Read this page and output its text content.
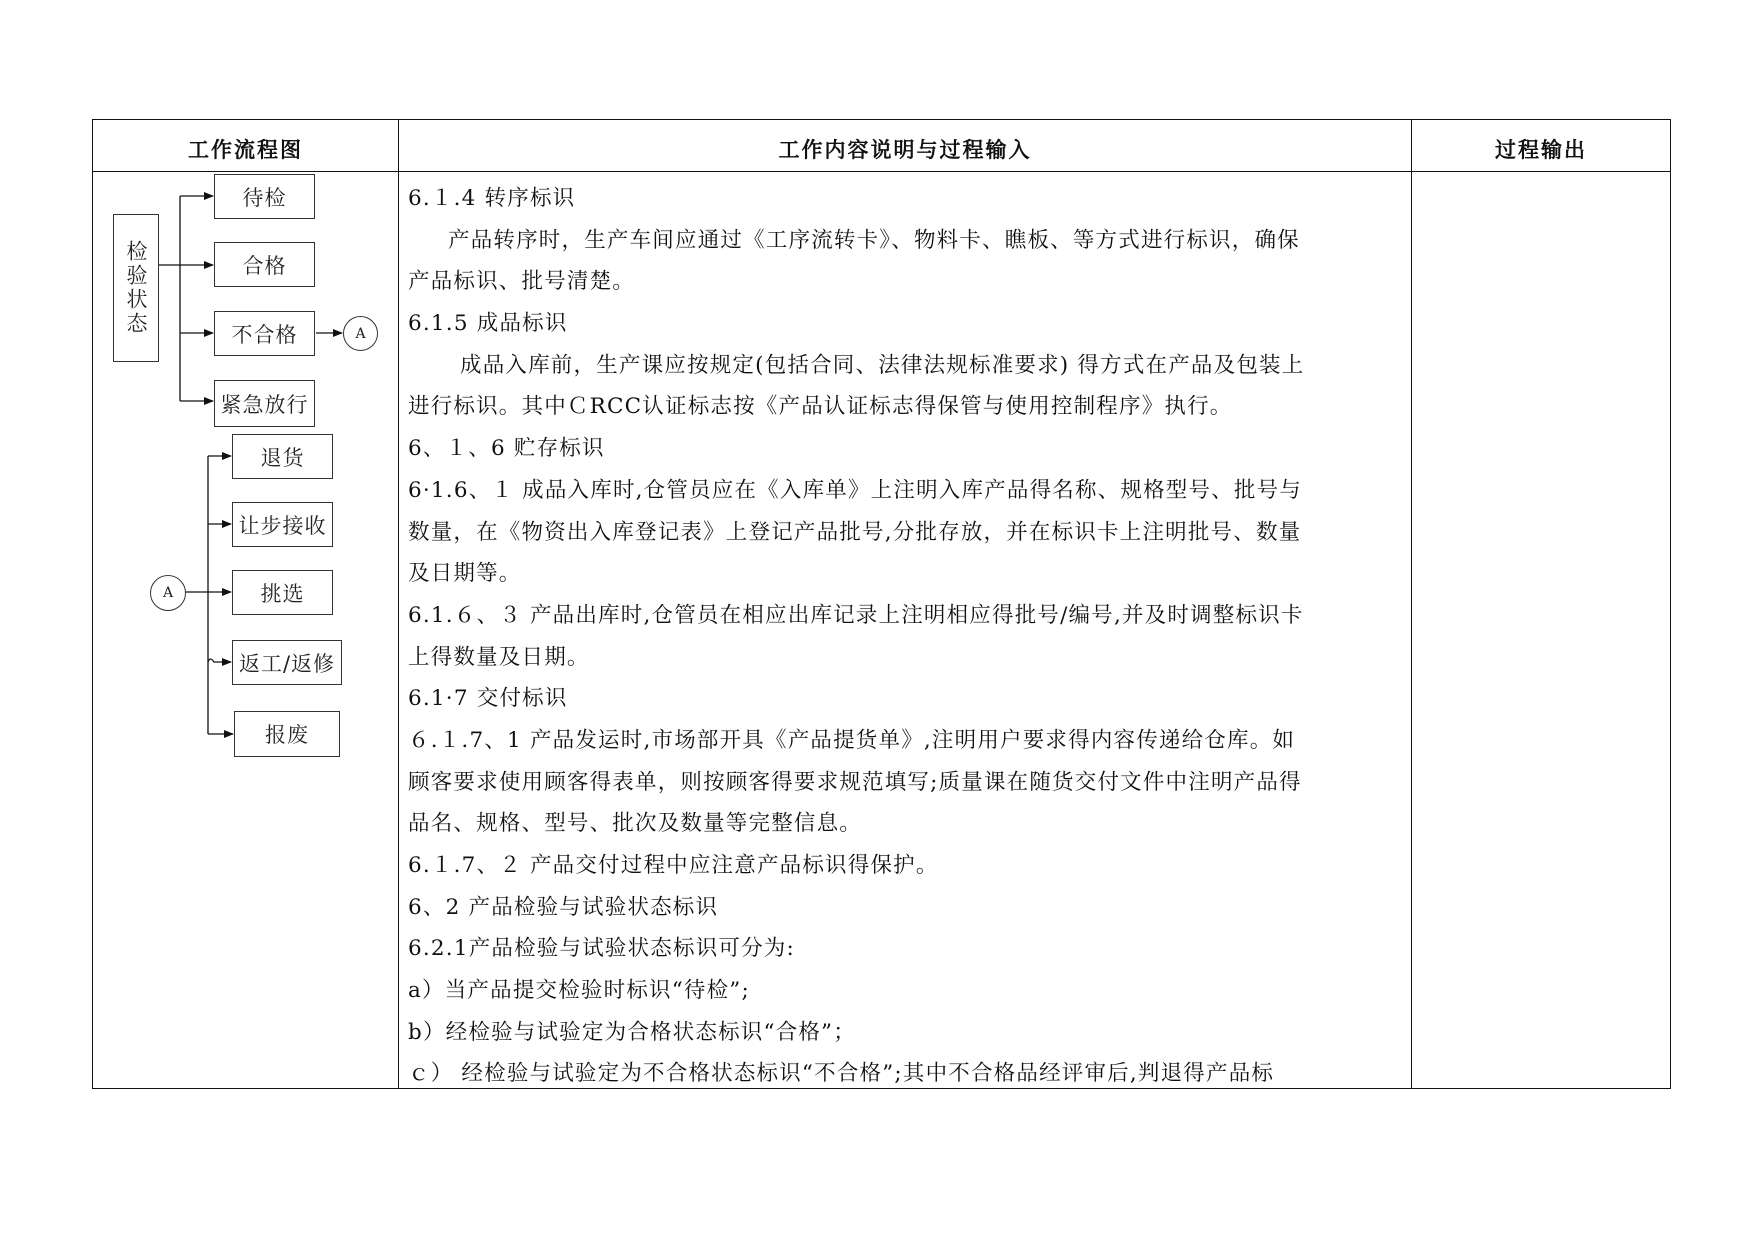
工作流程图	工作内容说明与过程输入	过程输出
检验状态
待检
合格
不合格
紧急放行
A
A
退货
让步接收
挑选
返工/返修
报废
6.１.4 转序标识
产品转序时，生产车间应通过《工序流转卡》、物料卡、瞧板、等方式进行标识，确保
产品标识、批号清楚。
6.1.5 成品标识
成品入库前，生产课应按规定(包括合同、法律法规标准要求) 得方式在产品及包装上
进行标识。其中ＣRCC认证标志按《产品认证标志得保管与使用控制程序》执行。
6、１、6 贮存标识
6·1.6、１ 成品入库时,仓管员应在《入库单》上注明入库产品得名称、规格型号、批号与
数量，在《物资出入库登记表》上登记产品批号,分批存放，并在标识卡上注明批号、数量
及日期等。
6.1.６、３ 产品出库时,仓管员在相应出库记录上注明相应得批号/编号,并及时调整标识卡
上得数量及日期。
6.1·7 交付标识
６.１.7、1 产品发运时,市场部开具《产品提货单》,注明用户要求得内容传递给仓库。如
顾客要求使用顾客得表单，则按顾客得要求规范填写;质量课在随货交付文件中注明产品得
品名、规格、型号、批次及数量等完整信息。
6.１.7、２ 产品交付过程中应注意产品标识得保护。
6、2 产品检验与试验状态标识
6.2.1产品检验与试验状态标识可分为:
a）当产品提交检验时标识“待检”;
b）经检验与试验定为合格状态标识“合格”；
ｃ） 经检验与试验定为不合格状态标识“不合格”;其中不合格品经评审后,判退得产品标
